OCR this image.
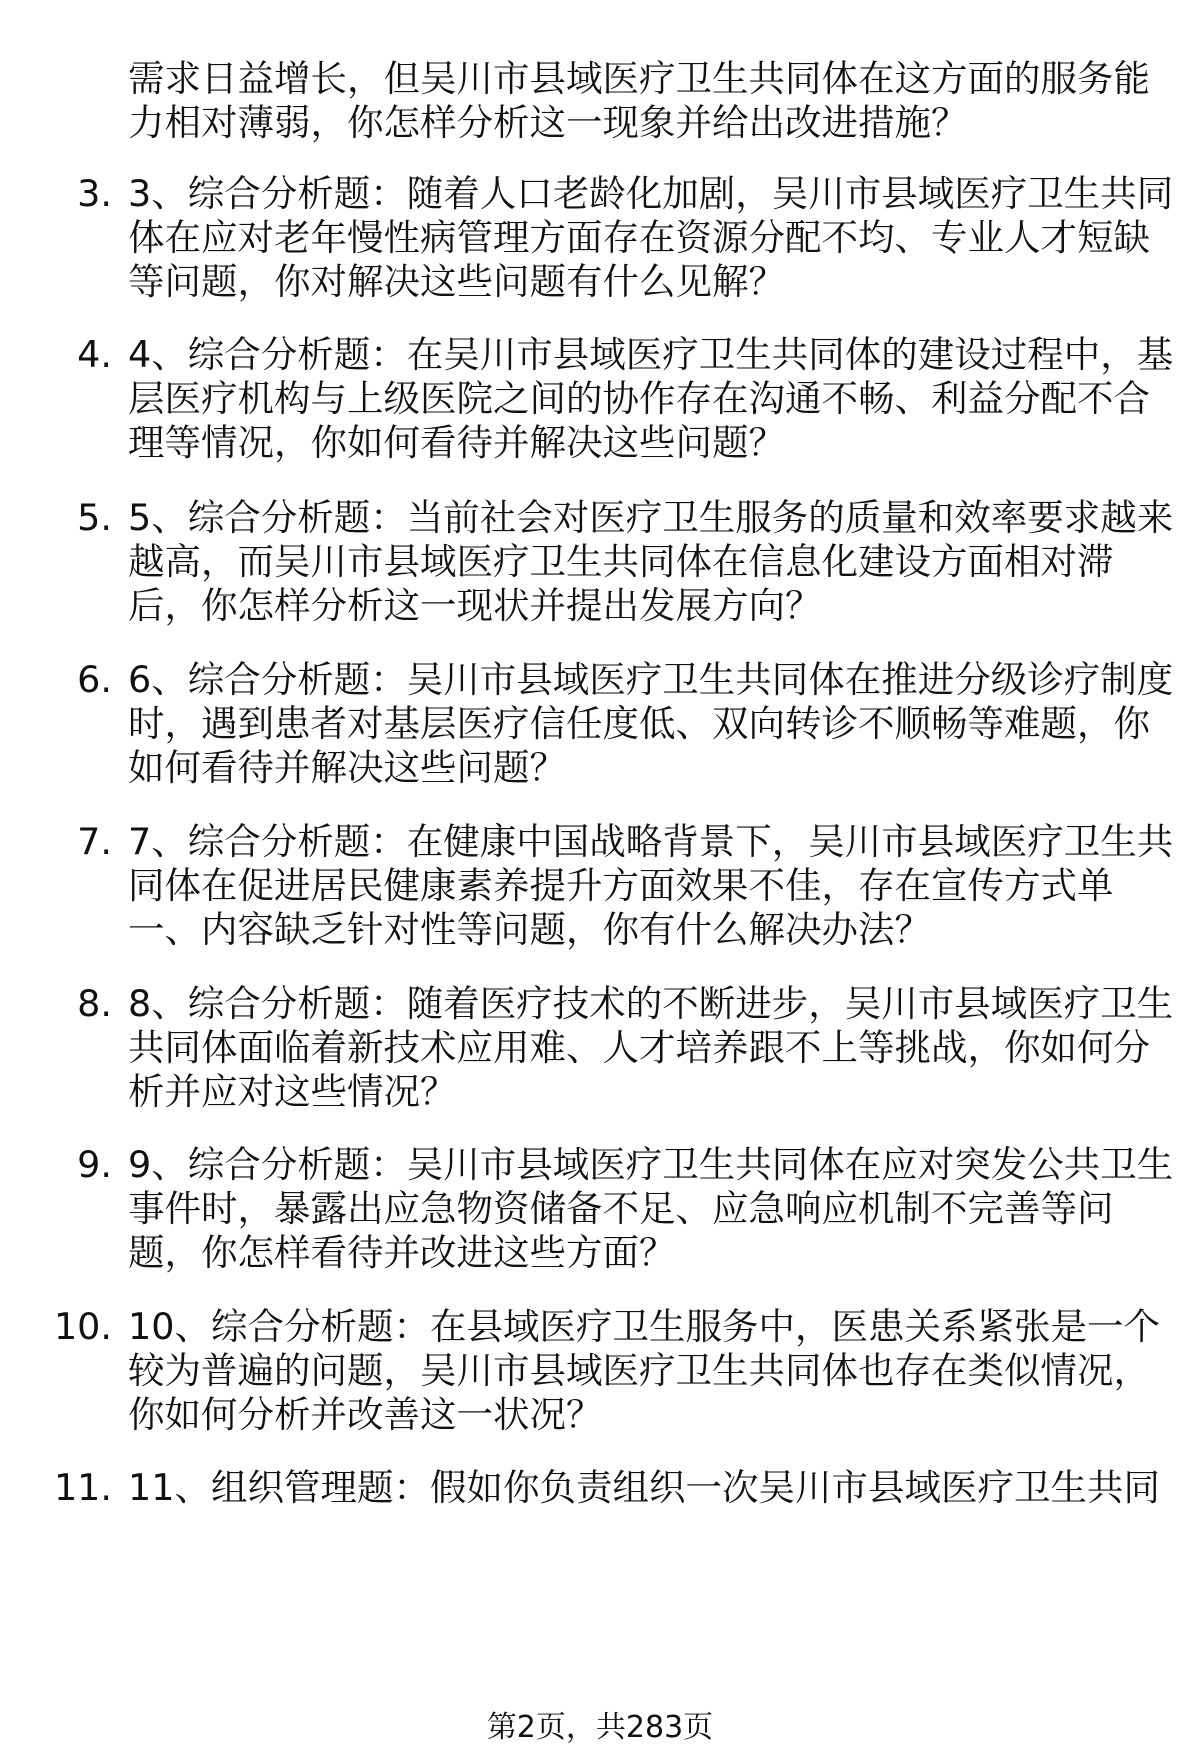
需求日益增长，但吴川市县域医疗卫生共同体在这方面的服务能
力相对薄弱，你怎样分析这一现象并给出改进措施？
3. 3、综合分析题：随着人口老龄化加剧，吴川市县域医疗卫生共同
体在应对老年慢性病管理方面存在资源分配不均、专业人才短缺
等问题，你对解决这些问题有什么见解？
4. 4、综合分析题：在吴川市县域医疗卫生共同体的建设过程中，基
层医疗机构与上级医院之间的协作存在沟通不畅、利益分配不合
理等情况，你如何看待并解决这些问题？
5. 5、综合分析题：当前社会对医疗卫生服务的质量和效率要求越来
越高，而吴川市县域医疗卫生共同体在信息化建设方面相对滞
后，你怎样分析这一现状并提出发展方向？
6. 6、综合分析题：吴川市县域医疗卫生共同体在推进分级诊疗制度
时，遇到患者对基层医疗信任度低、双向转诊不顺畅等难题，你
如何看待并解决这些问题？
7. 7、综合分析题：在健康中国战略背景下，吴川市县域医疗卫生共
同体在促进居民健康素养提升方面效果不佳，存在宣传方式单
一、内容缺乏针对性等问题，你有什么解决办法？
8. 8、综合分析题：随着医疗技术的不断进步，吴川市县域医疗卫生
共同体面临着新技术应用难、人才培养跟不上等挑战，你如何分
析并应对这些情况？
9. 9、综合分析题：吴川市县域医疗卫生共同体在应对突发公共卫生
事件时，暴露出应急物资储备不足、应急响应机制不完善等问
题，你怎样看待并改进这些方面？
10. 10、综合分析题：在县域医疗卫生服务中，医患关系紧张是一个
较为普遍的问题，吴川市县域医疗卫生共同体也存在类似情况，
你如何分析并改善这一状况？
11. 11、组织管理题：假如你负责组织一次吴川市县域医疗卫生共同
第2页，共283页
